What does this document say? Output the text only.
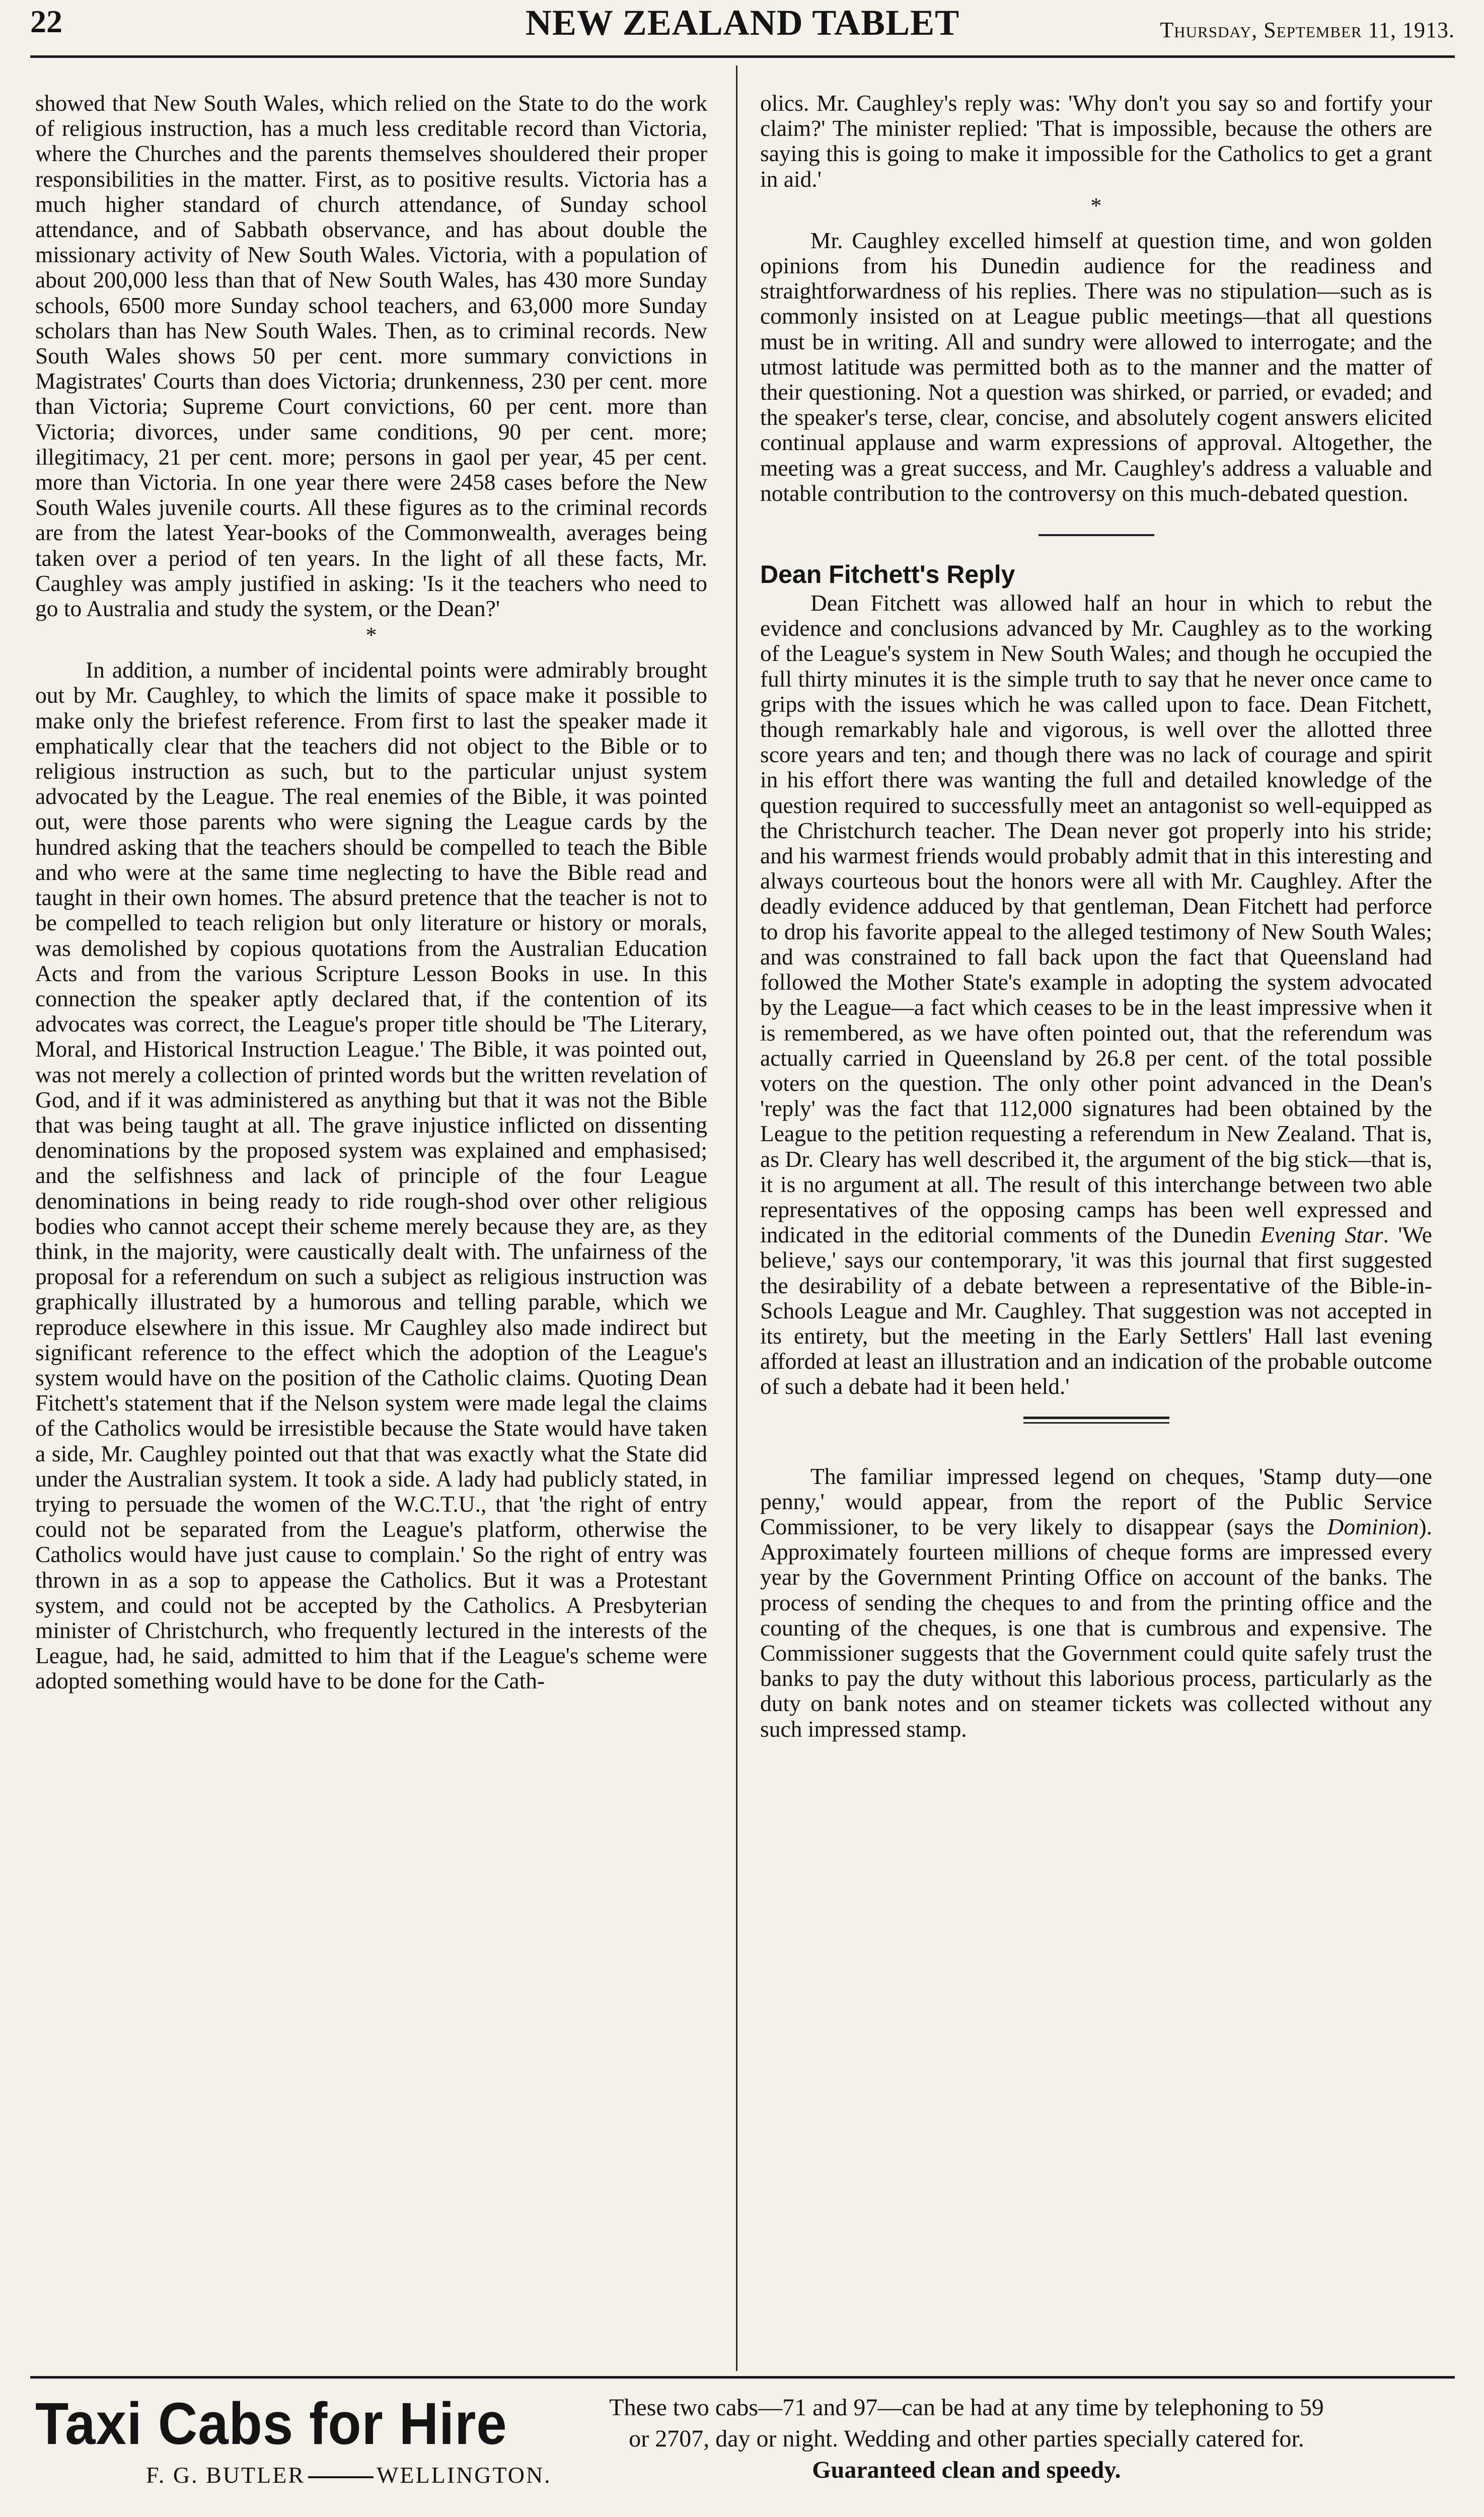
22	NEW ZEALAND TABLET	Thursday, September 11, 1913.

showed that New South Wales, which relied on the State to do the work of religious instruction, has a much less creditable record than Victoria, where the Churches and the parents themselves shouldered their proper responsibilities in the matter. First, as to positive results. Victoria has a much higher standard of church attendance, of Sunday school attendance, and of Sabbath observance, and has about double the missionary activity of New South Wales. Victoria, with a population of about 200,000 less than that of New South Wales, has 430 more Sunday schools, 6500 more Sunday school teachers, and 63,000 more Sunday scholars than has New South Wales. Then, as to criminal records. New South Wales shows 50 per cent. more summary convictions in Magistrates' Courts than does Victoria; drunkenness, 230 per cent. more than Victoria; Supreme Court convictions, 60 per cent. more than Victoria; divorces, under same conditions, 90 per cent. more; illegitimacy, 21 per cent. more; persons in gaol per year, 45 per cent. more than Victoria. In one year there were 2458 cases before the New South Wales juvenile courts. All these figures as to the criminal records are from the latest Year-books of the Commonwealth, averages being taken over a period of ten years. In the light of all these facts, Mr. Caughley was amply justified in asking: 'Is it the teachers who need to go to Australia and study the system, or the Dean?'

*

In addition, a number of incidental points were admirably brought out by Mr. Caughley, to which the limits of space make it possible to make only the briefest reference. From first to last the speaker made it emphatically clear that the teachers did not object to the Bible or to religious instruction as such, but to the particular unjust system advocated by the League. The real enemies of the Bible, it was pointed out, were those parents who were signing the League cards by the hundred asking that the teachers should be compelled to teach the Bible and who were at the same time neglecting to have the Bible read and taught in their own homes. The absurd pretence that the teacher is not to be compelled to teach religion but only literature or history or morals, was demolished by copious quotations from the Australian Education Acts and from the various Scripture Lesson Books in use. In this connection the speaker aptly declared that, if the contention of its advocates was correct, the League's proper title should be 'The Literary, Moral, and Historical Instruction League.' The Bible, it was pointed out, was not merely a collection of printed words but the written revelation of God, and if it was administered as anything but that it was not the Bible that was being taught at all. The grave injustice inflicted on dissenting denominations by the proposed system was explained and emphasised; and the selfishness and lack of principle of the four League denominations in being ready to ride rough-shod over other religious bodies who cannot accept their scheme merely because they are, as they think, in the majority, were caustically dealt with. The unfairness of the proposal for a referendum on such a subject as religious instruction was graphically illustrated by a humorous and telling parable, which we reproduce elsewhere in this issue. Mr Caughley also made indirect but significant reference to the effect which the adoption of the League's system would have on the position of the Catholic claims. Quoting Dean Fitchett's statement that if the Nelson system were made legal the claims of the Catholics would be irresistible because the State would have taken a side, Mr. Caughley pointed out that that was exactly what the State did under the Australian system. It took a side. A lady had publicly stated, in trying to persuade the women of the W.C.T.U., that 'the right of entry could not be separated from the League's platform, otherwise the Catholics would have just cause to complain.' So the right of entry was thrown in as a sop to appease the Catholics. But it was a Protestant system, and could not be accepted by the Catholics. A Presbyterian minister of Christchurch, who frequently lectured in the interests of the League, had, he said, admitted to him that if the League's scheme were adopted something would have to be done for the Cath-

olics. Mr. Caughley's reply was: 'Why don't you say so and fortify your claim?' The minister replied: 'That is impossible, because the others are saying this is going to make it impossible for the Catholics to get a grant in aid.'

*

Mr. Caughley excelled himself at question time, and won golden opinions from his Dunedin audience for the readiness and straightforwardness of his replies. There was no stipulation—such as is commonly insisted on at League public meetings—that all questions must be in writing. All and sundry were allowed to interrogate; and the utmost latitude was permitted both as to the manner and the matter of their questioning. Not a question was shirked, or parried, or evaded; and the speaker's terse, clear, concise, and absolutely cogent answers elicited continual applause and warm expressions of approval. Altogether, the meeting was a great success, and Mr. Caughley's address a valuable and notable contribution to the controversy on this much-debated question.

Dean Fitchett's Reply

Dean Fitchett was allowed half an hour in which to rebut the evidence and conclusions advanced by Mr. Caughley as to the working of the League's system in New South Wales; and though he occupied the full thirty minutes it is the simple truth to say that he never once came to grips with the issues which he was called upon to face. Dean Fitchett, though remarkably hale and vigorous, is well over the allotted three score years and ten; and though there was no lack of courage and spirit in his effort there was wanting the full and detailed knowledge of the question required to successfully meet an antagonist so well-equipped as the Christchurch teacher. The Dean never got properly into his stride; and his warmest friends would probably admit that in this interesting and always courteous bout the honors were all with Mr. Caughley. After the deadly evidence adduced by that gentleman, Dean Fitchett had perforce to drop his favorite appeal to the alleged testimony of New South Wales; and was constrained to fall back upon the fact that Queensland had followed the Mother State's example in adopting the system advocated by the League—a fact which ceases to be in the least impressive when it is remembered, as we have often pointed out, that the referendum was actually carried in Queensland by 26.8 per cent. of the total possible voters on the question. The only other point advanced in the Dean's 'reply' was the fact that 112,000 signatures had been obtained by the League to the petition requesting a referendum in New Zealand. That is, as Dr. Cleary has well described it, the argument of the big stick—that is, it is no argument at all. The result of this interchange between two able representatives of the opposing camps has been well expressed and indicated in the editorial comments of the Dunedin Evening Star. 'We believe,' says our contemporary, 'it was this journal that first suggested the desirability of a debate between a representative of the Bible-in-Schools League and Mr. Caughley. That suggestion was not accepted in its entirety, but the meeting in the Early Settlers' Hall last evening afforded at least an illustration and an indication of the probable outcome of such a debate had it been held.'

The familiar impressed legend on cheques, 'Stamp duty—one penny,' would appear, from the report of the Public Service Commissioner, to be very likely to disappear (says the Dominion). Approximately fourteen millions of cheque forms are impressed every year by the Government Printing Office on account of the banks. The process of sending the cheques to and from the printing office and the counting of the cheques, is one that is cumbrous and expensive. The Commissioner suggests that the Government could quite safely trust the banks to pay the duty without this laborious process, particularly as the duty on bank notes and on steamer tickets was collected without any such impressed stamp.

Taxi Cabs for Hire	These two cabs—71 and 97—can be had at any time by telephoning to 59
or 2707, day or night. Wedding and other parties specially catered for.
Guaranteed clean and speedy.
F. G. BUTLER	WELLINGTON.
